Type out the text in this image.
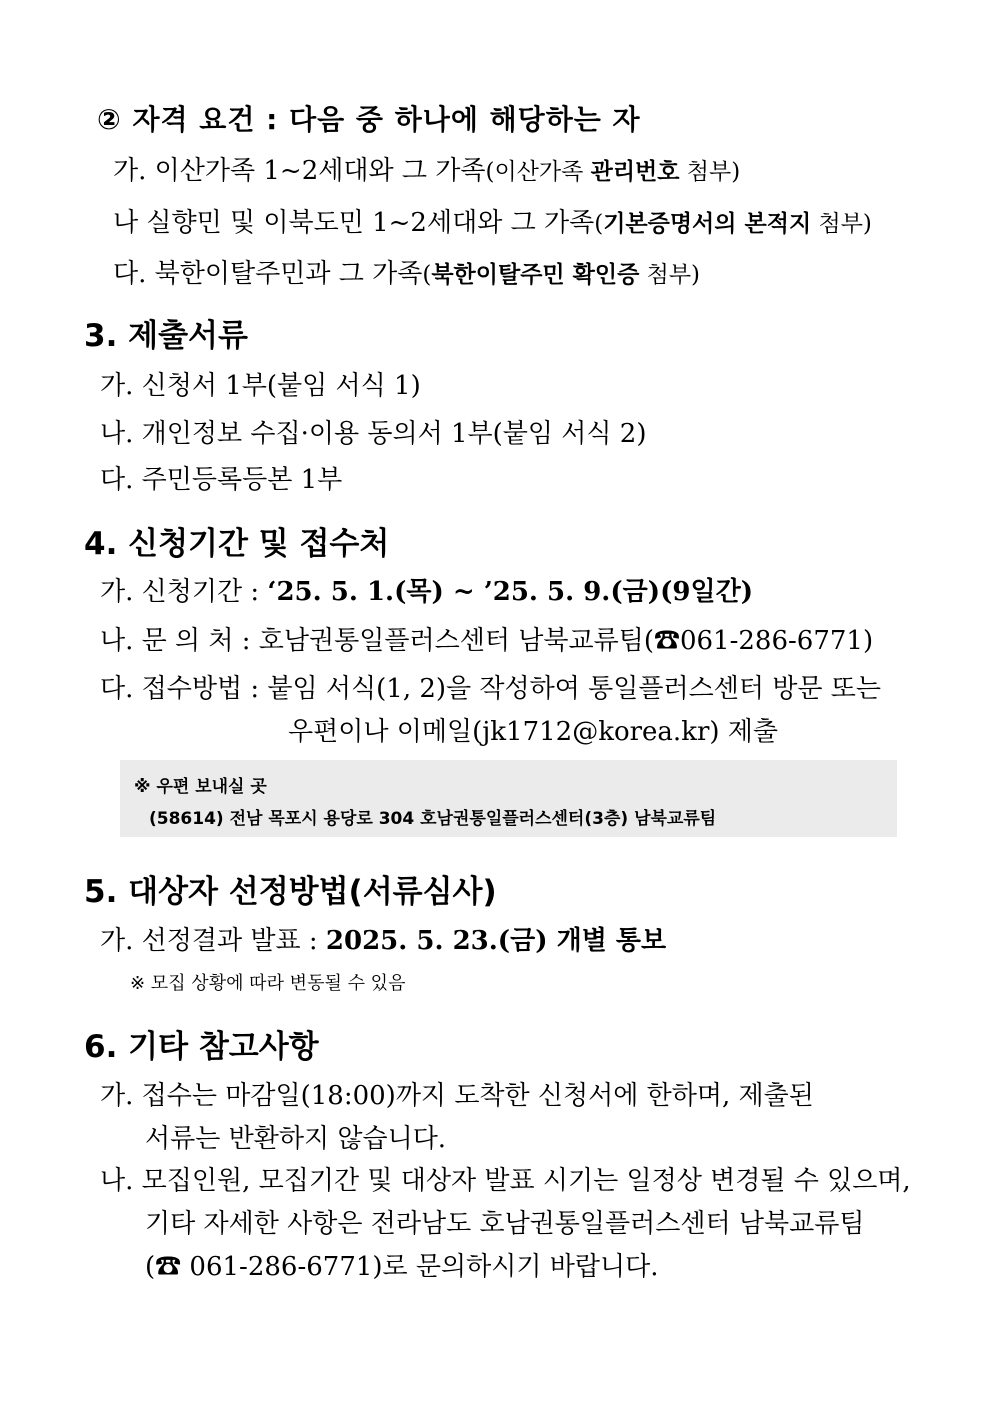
② 자격 요건 : 다음 중 하나에 해당하는 자
가. 이산가족 1~2세대와 그 가족(이산가족 관리번호 첨부)
나 실향민 및 이북도민 1~2세대와 그 가족(기본증명서의 본적지 첨부)
다. 북한이탈주민과 그 가족(북한이탈주민 확인증 첨부)
3. 제출서류
가. 신청서 1부(붙임 서식 1)
나. 개인정보 수집·이용 동의서 1부(붙임 서식 2)
다. 주민등록등본 1부
4. 신청기간 및 접수처
가. 신청기간 : ‘25. 5. 1.(목) ~ ’25. 5. 9.(금)(9일간)
나. 문 의 처 : 호남권통일플러스센터 남북교류팀(☎061-286-6771)
다. 접수방법 : 붙임 서식(1, 2)을 작성하여 통일플러스센터 방문 또는
우편이나 이메일(jk1712@korea.kr) 제출
※ 우편 보내실 곳
(58614) 전남 목포시 용당로 304 호남권통일플러스센터(3층) 남북교류팀
5. 대상자 선정방법(서류심사)
가. 선정결과 발표 : 2025. 5. 23.(금) 개별 통보
※ 모집 상황에 따라 변동될 수 있음
6. 기타 참고사항
가. 접수는 마감일(18:00)까지 도착한 신청서에 한하며, 제출된
서류는 반환하지 않습니다.
나. 모집인원, 모집기간 및 대상자 발표 시기는 일정상 변경될 수 있으며,
기타 자세한 사항은 전라남도 호남권통일플러스센터 남북교류팀
(☎ 061-286-6771)로 문의하시기 바랍니다.
